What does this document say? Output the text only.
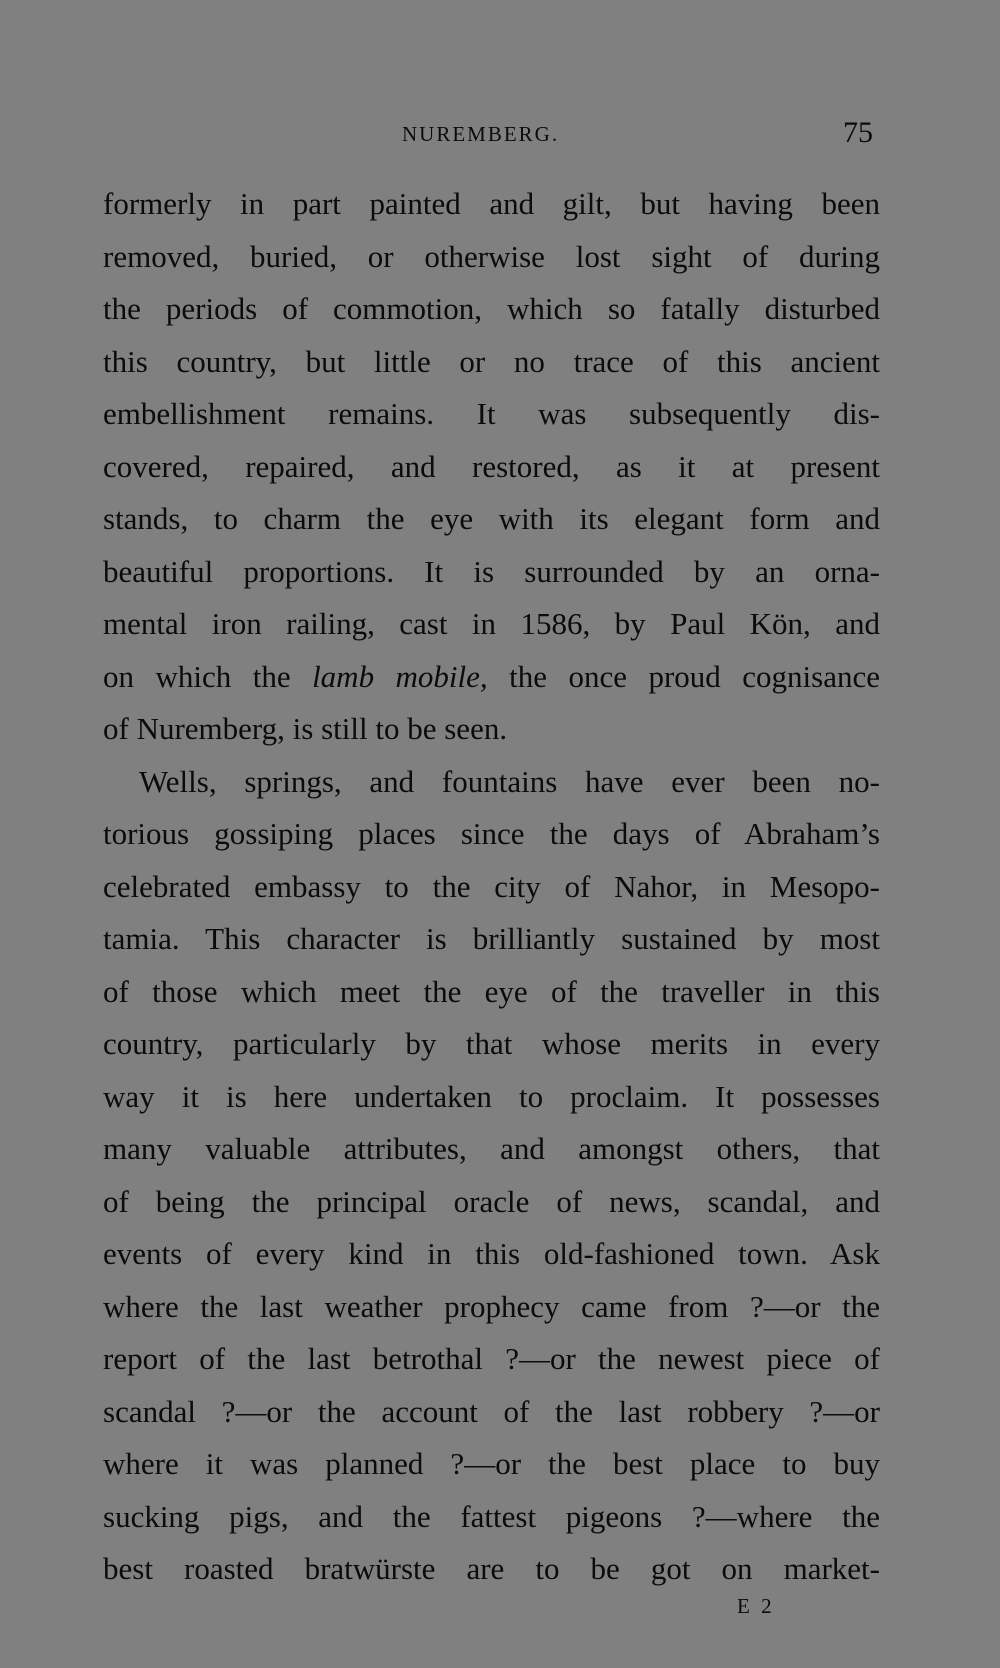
NUREMBERG.	75
formerly in part painted and gilt, but having been
removed, buried, or otherwise lost sight of during
the periods of commotion, which so fatally disturbed
this country, but little or no trace of this ancient
embellishment remains. It was subsequently dis-
covered, repaired, and restored, as it at present
stands, to charm the eye with its elegant form and
beautiful proportions. It is surrounded by an orna-
mental iron railing, cast in 1586, by Paul Kön, and
on which the lamb mobile, the once proud cognisance
of Nuremberg, is still to be seen.
Wells, springs, and fountains have ever been no-
torious gossiping places since the days of Abraham’s
celebrated embassy to the city of Nahor, in Mesopo-
tamia. This character is brilliantly sustained by most
of those which meet the eye of the traveller in this
country, particularly by that whose merits in every
way it is here undertaken to proclaim. It possesses
many valuable attributes, and amongst others, that
of being the principal oracle of news, scandal, and
events of every kind in this old-fashioned town. Ask
where the last weather prophecy came from ?—or the
report of the last betrothal ?—or the newest piece of
scandal ?—or the account of the last robbery ?—or
where it was planned ?—or the best place to buy
sucking pigs, and the fattest pigeons ?—where the
best roasted bratwürste are to be got on market-
E 2
